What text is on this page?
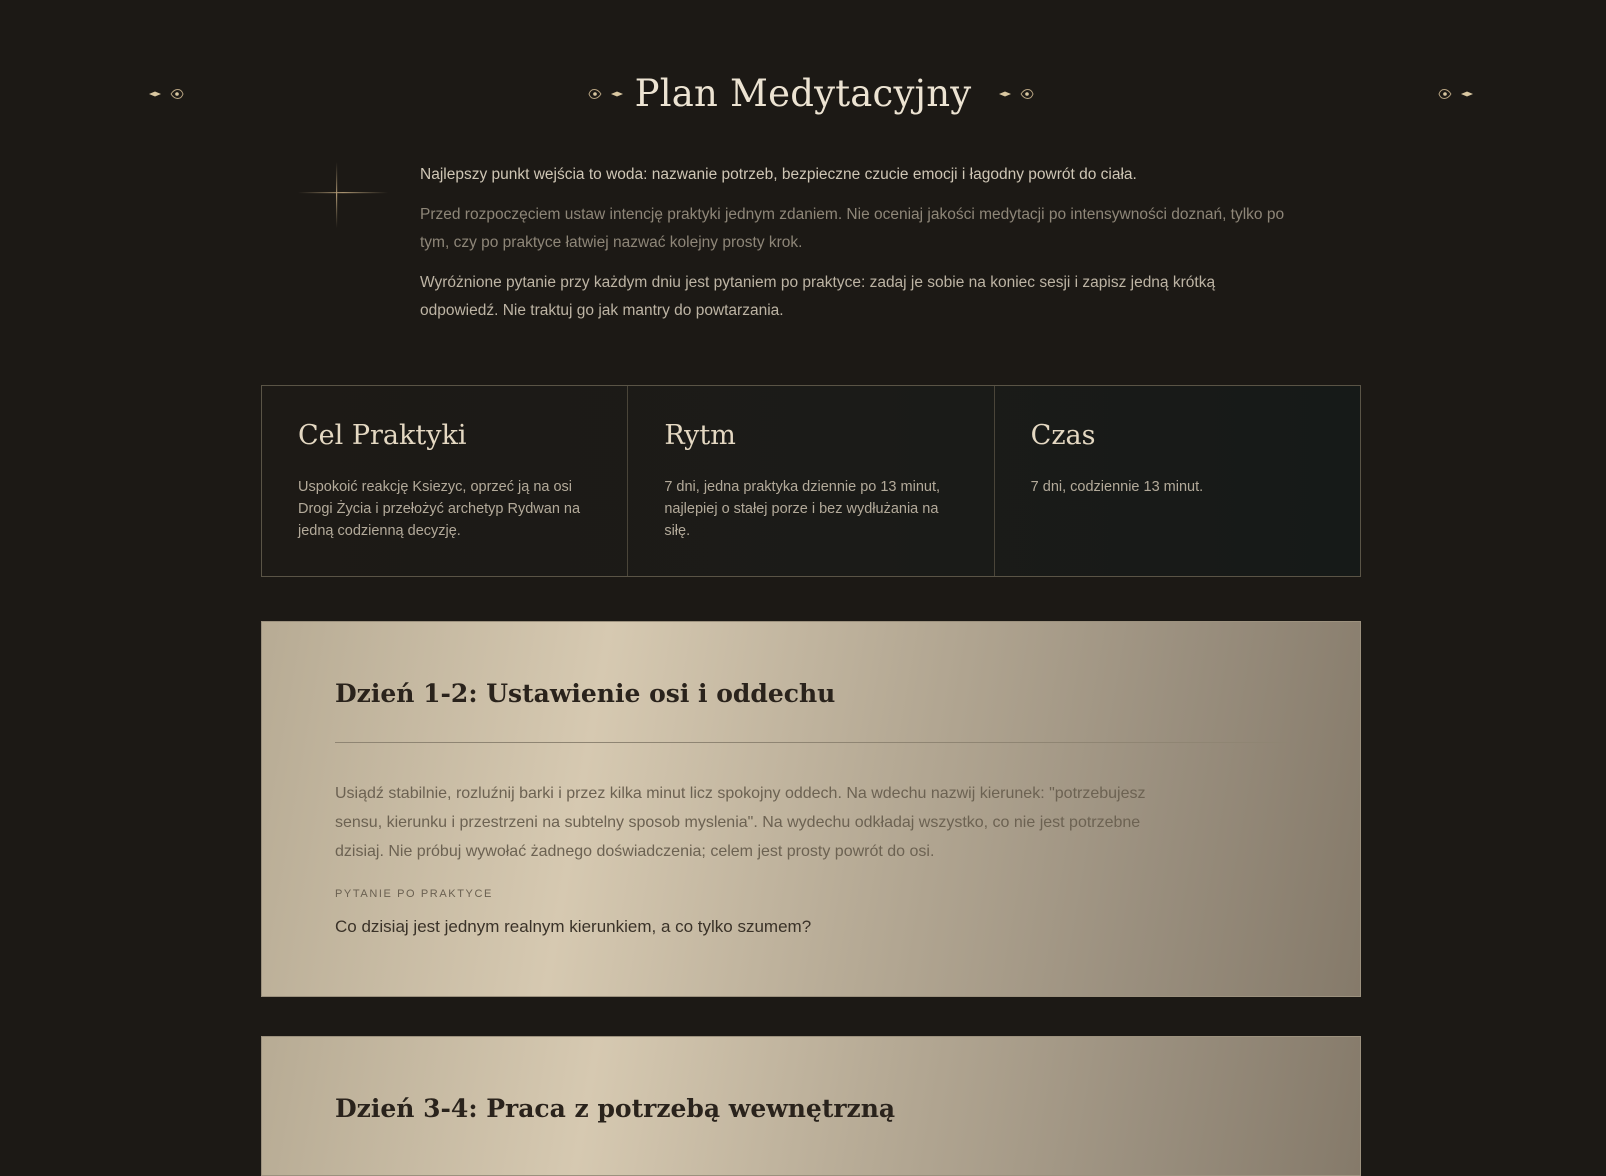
Plan Medytacyjny

Najlepszy punkt wejścia to woda: nazwanie potrzeb, bezpieczne czucie emocji i łagodny powrót do ciała.

Przed rozpoczęciem ustaw intencję praktyki jednym zdaniem. Nie oceniaj jakości medytacji po intensywności doznań, tylko po tym, czy po praktyce łatwiej nazwać kolejny prosty krok.

Wyróżnione pytanie przy każdym dniu jest pytaniem po praktyce: zadaj je sobie na koniec sesji i zapisz jedną krótką odpowiedź. Nie traktuj go jak mantry do powtarzania.

Cel Praktyki

Uspokoić reakcję Ksiezyc, oprzeć ją na osi Drogi Życia i przełożyć archetyp Rydwan na jedną codzienną decyzję.

Rytm

7 dni, jedna praktyka dziennie po 13 minut, najlepiej o stałej porze i bez wydłużania na siłę.

Czas

7 dni, codziennie 13 minut.

Dzień 1-2: Ustawienie osi i oddechu

Usiądź stabilnie, rozluźnij barki i przez kilka minut licz spokojny oddech. Na wdechu nazwij kierunek: "potrzebujesz sensu, kierunku i przestrzeni na subtelny sposob myslenia". Na wydechu odkładaj wszystko, co nie jest potrzebne dzisiaj. Nie próbuj wywołać żadnego doświadczenia; celem jest prosty powrót do osi.

PYTANIE PO PRAKTYCE
Co dzisiaj jest jednym realnym kierunkiem, a co tylko szumem?
Dzień 3-4: Praca z potrzebą wewnętrzną
